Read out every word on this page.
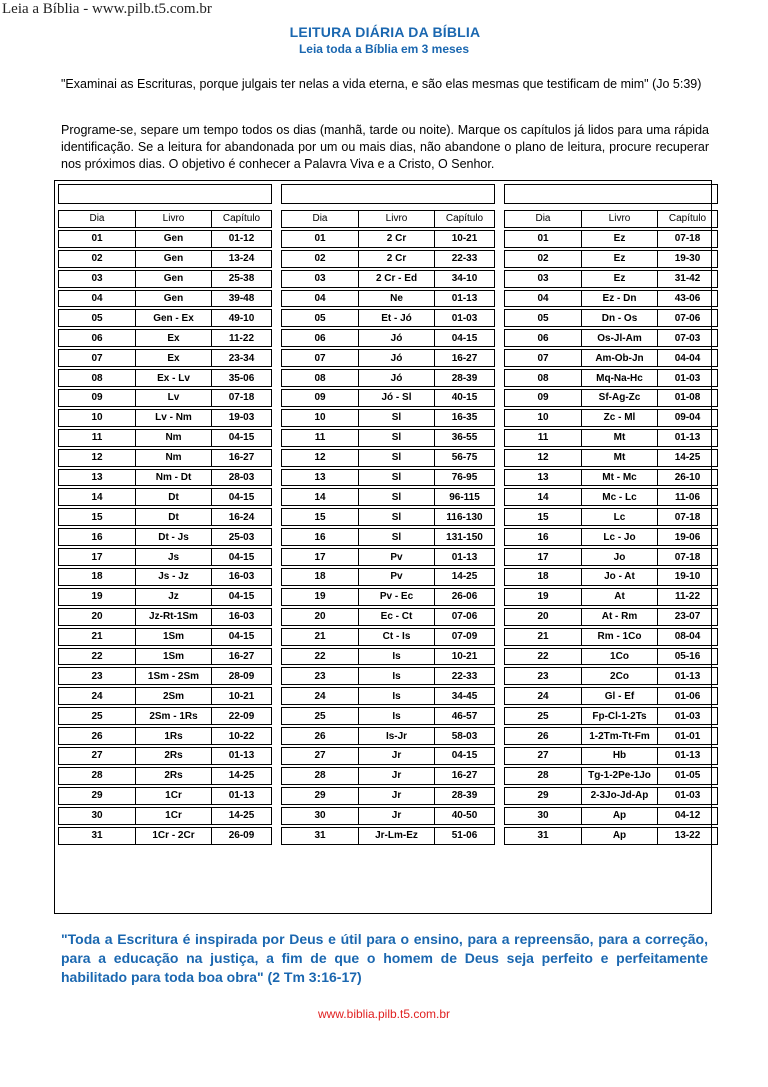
Leia a Bíblia - www.pilb.t5.com.br
LEITURA DIÁRIA DA BÍBLIA
Leia toda a Bíblia em 3 meses
"Examinai as Escrituras, porque julgais ter nelas a vida eterna, e são elas mesmas que testificam de mim" (Jo 5:39)
Programe-se, separe um tempo todos os dias (manhã, tarde ou noite). Marque os capítulos já lidos para uma rápida identificação. Se a leitura for abandonada por um ou mais dias, não abandone o plano de leitura, procure recuperar nos próximos dias. O objetivo é conhecer a Palavra Viva e a Cristo, O Senhor.
Dia	Livro	Capítulo
01	Gen	01-12
02	Gen	13-24
03	Gen	25-38
04	Gen	39-48
05	Gen - Ex	49-10
06	Ex	11-22
07	Ex	23-34
08	Ex - Lv	35-06
09	Lv	07-18
10	Lv - Nm	19-03
11	Nm	04-15
12	Nm	16-27
13	Nm - Dt	28-03
14	Dt	04-15
15	Dt	16-24
16	Dt - Js	25-03
17	Js	04-15
18	Js - Jz	16-03
19	Jz	04-15
20	Jz-Rt-1Sm	16-03
21	1Sm	04-15
22	1Sm	16-27
23	1Sm - 2Sm	28-09
24	2Sm	10-21
25	2Sm - 1Rs	22-09
26	1Rs	10-22
27	2Rs	01-13
28	2Rs	14-25
29	1Cr	01-13
30	1Cr	14-25
31	1Cr - 2Cr	26-09
Dia	Livro	Capítulo
01	2 Cr	10-21
02	2 Cr	22-33
03	2 Cr - Ed	34-10
04	Ne	01-13
05	Et - Jó	01-03
06	Jó	04-15
07	Jó	16-27
08	Jó	28-39
09	Jó - Sl	40-15
10	Sl	16-35
11	Sl	36-55
12	Sl	56-75
13	Sl	76-95
14	Sl	96-115
15	Sl	116-130
16	Sl	131-150
17	Pv	01-13
18	Pv	14-25
19	Pv - Ec	26-06
20	Ec - Ct	07-06
21	Ct - Is	07-09
22	Is	10-21
23	Is	22-33
24	Is	34-45
25	Is	46-57
26	Is-Jr	58-03
27	Jr	04-15
28	Jr	16-27
29	Jr	28-39
30	Jr	40-50
31	Jr-Lm-Ez	51-06
Dia	Livro	Capítulo
01	Ez	07-18
02	Ez	19-30
03	Ez	31-42
04	Ez - Dn	43-06
05	Dn - Os	07-06
06	Os-Jl-Am	07-03
07	Am-Ob-Jn	04-04
08	Mq-Na-Hc	01-03
09	Sf-Ag-Zc	01-08
10	Zc - Ml	09-04
11	Mt	01-13
12	Mt	14-25
13	Mt - Mc	26-10
14	Mc - Lc	11-06
15	Lc	07-18
16	Lc - Jo	19-06
17	Jo	07-18
18	Jo - At	19-10
19	At	11-22
20	At - Rm	23-07
21	Rm - 1Co	08-04
22	1Co	05-16
23	2Co	01-13
24	Gl - Ef	01-06
25	Fp-Cl-1-2Ts	01-03
26	1-2Tm-Tt-Fm	01-01
27	Hb	01-13
28	Tg-1-2Pe-1Jo	01-05
29	2-3Jo-Jd-Ap	01-03
30	Ap	04-12
31	Ap	13-22
"Toda a Escritura é inspirada por Deus e útil para o ensino, para a repreensão, para a correção, para a educação na justiça, a fim de que o homem de Deus seja perfeito e perfeitamente habilitado para toda boa obra" (2 Tm 3:16-17)
www.biblia.pilb.t5.com.br
